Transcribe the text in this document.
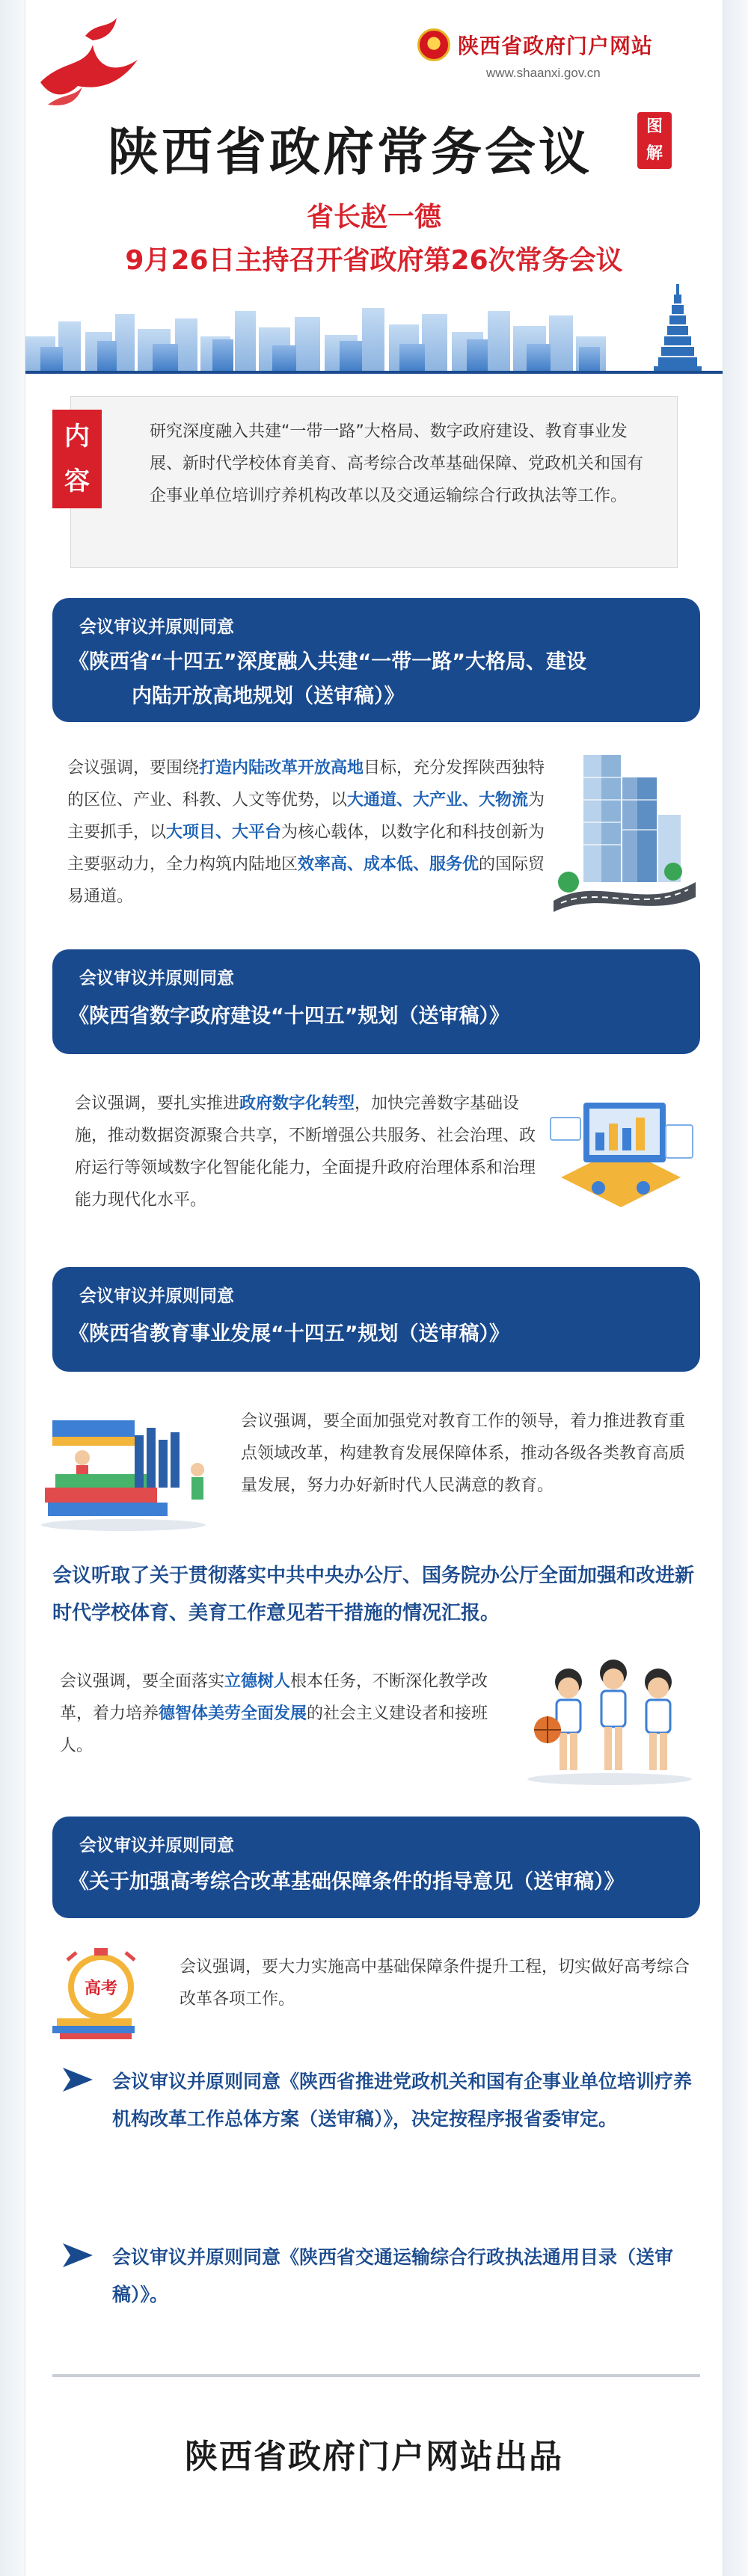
陕西省政府门户网站
www.shaanxi.gov.cn
陕西省政府常务会议	图
解
省长赵一德
9月26日主持召开省政府第26次常务会议
内
容
研究深度融入共建“一带一路”大格局、数字政府建设、教育事业发展、新时代学校体育美育、高考综合改革基础保障、党政机关和国有企事业单位培训疗养机构改革以及交通运输综合行政执法等工作。
会议审议并原则同意
《陕西省“十四五”深度融入共建“一带一路”大格局、建设
内陆开放高地规划（送审稿）》
会议强调，要围绕打造内陆改革开放高地目标，充分发挥陕西独特的区位、产业、科教、人文等优势，以大通道、大产业、大物流为主要抓手，以大项目、大平台为核心载体，以数字化和科技创新为主要驱动力，全力构筑内陆地区效率高、成本低、服务优的国际贸易通道。
会议审议并原则同意
《陕西省数字政府建设“十四五”规划（送审稿）》
会议强调，要扎实推进政府数字化转型，加快完善数字基础设施，推动数据资源聚合共享，不断增强公共服务、社会治理、政府运行等领域数字化智能化能力，全面提升政府治理体系和治理能力现代化水平。
会议审议并原则同意
《陕西省教育事业发展“十四五”规划（送审稿）》
会议强调，要全面加强党对教育工作的领导，着力推进教育重点领域改革，构建教育发展保障体系，推动各级各类教育高质量发展，努力办好新时代人民满意的教育。
会议听取了关于贯彻落实中共中央办公厅、国务院办公厅全面加强和改进新时代学校体育、美育工作意见若干措施的情况汇报。
会议强调，要全面落实立德树人根本任务，不断深化教学改革，着力培养德智体美劳全面发展的社会主义建设者和接班人。
会议审议并原则同意
《关于加强高考综合改革基础保障条件的指导意见（送审稿）》
高考
会议强调，要大力实施高中基础保障条件提升工程，切实做好高考综合改革各项工作。
会议审议并原则同意《陕西省推进党政机关和国有企事业单位培训疗养机构改革工作总体方案（送审稿）》，决定按程序报省委审定。
会议审议并原则同意《陕西省交通运输综合行政执法通用目录（送审稿）》。
陕西省政府门户网站出品
